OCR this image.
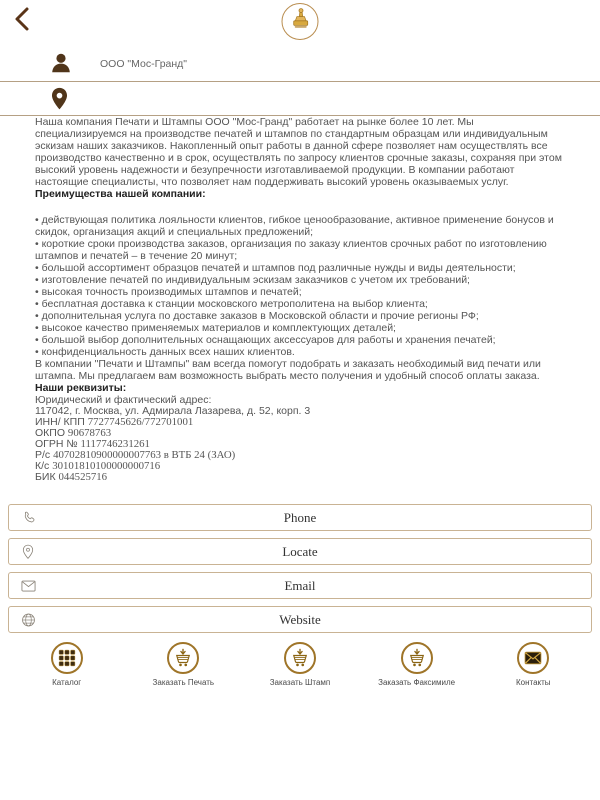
ООО "Мос-Гранд"

Наша компания Печати и Штампы ООО "Мос-Гранд" работает на рынке более 10 лет. Мы специализируемся на производстве печатей и штампов по стандартным образцам или индивидуальным эскизам наших заказчиков. Накопленный опыт работы в данной сфере позволяет нам осуществлять все производство качественно и в срок, осуществлять по запросу клиентов срочные заказы, сохраняя при этом высокий уровень надежности и безупречности изготавливаемой продукции. В компании работают настоящие специалисты, что позволяет нам поддерживать высокий уровень оказываемых услуг.

Преимущества нашей компании:

• действующая политика лояльности клиентов, гибкое ценообразование, активное применение бонусов и скидок, организация акций и специальных предложений;
• короткие сроки производства заказов, организация по заказу клиентов срочных работ по изготовлению штампов и печатей – в течение 20 минут;
• большой ассортимент образцов печатей и штампов под различные нужды и виды деятельности;
• изготовление печатей по индивидуальным эскизам заказчиков с учетом их требований;
• высокая точность производимых штампов и печатей;
• бесплатная доставка к станции московского метрополитена на выбор клиента;
• дополнительная услуга по доставке заказов в Московской области и прочие регионы РФ;
• высокое качество применяемых материалов и комплектующих деталей;
• большой выбор дополнительных оснащающих аксессуаров для работы и хранения печатей;
• конфиденциальность данных всех наших клиентов.

В компании "Печати и Штампы" вам всегда помогут подобрать и заказать необходимый вид печати или штампа. Мы предлагаем вам возможность выбрать место получения и удобный способ оплаты заказа.

Наши реквизиты:

Юридический и фактический адрес:

117042, г. Москва, ул. Адмирала Лазарева, д. 52, корп. 3

ИНН/ КПП 7727745626/772701001

ОКПО 90678763

ОГРН № 1117746231261

Р/с 40702810900000007763 в ВТБ 24 (ЗАО)

К/с 30101810100000000716

БИК 044525716

Phone
Locate
Email
Website
Каталог	Заказать Печать	Заказать Штамп	Заказать Факсимиле	Контакты
